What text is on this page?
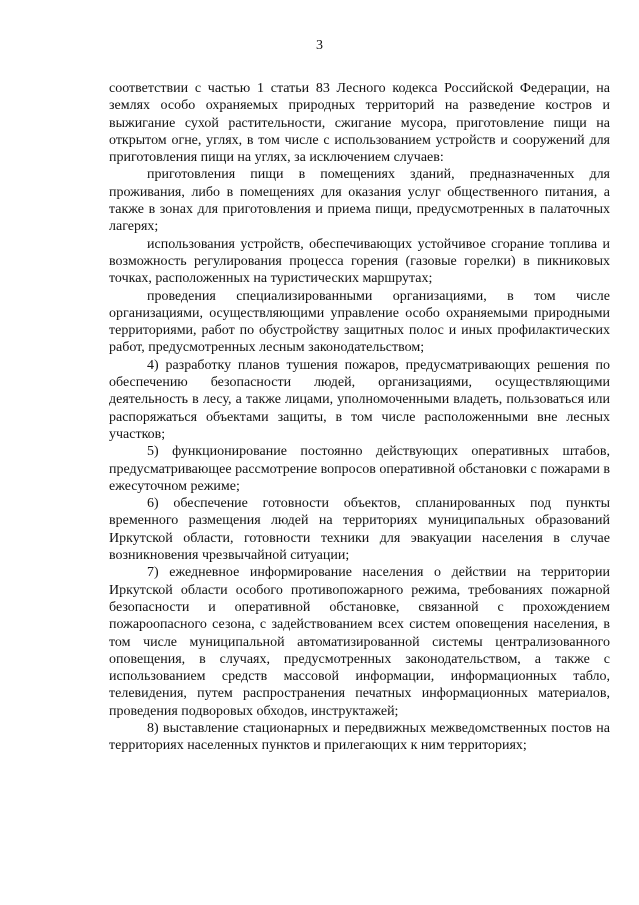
3

соответствии с частью 1 статьи 83 Лесного кодекса Российской Федерации, на землях особо охраняемых природных территорий на разведение костров и выжигание сухой растительности, сжигание мусора, приготовление пищи на открытом огне, углях, в том числе с использованием устройств и сооружений для приготовления пищи на углях, за исключением случаев:

приготовления пищи в помещениях зданий, предназначенных для проживания, либо в помещениях для оказания услуг общественного питания, а также в зонах для приготовления и приема пищи, предусмотренных в палаточных лагерях;

использования устройств, обеспечивающих устойчивое сгорание топлива и возможность регулирования процесса горения (газовые горелки) в пикниковых точках, расположенных на туристических маршрутах;

проведения специализированными организациями, в том числе организациями, осуществляющими управление особо охраняемыми природными территориями, работ по обустройству защитных полос и иных профилактических работ, предусмотренных лесным законодательством;

4) разработку планов тушения пожаров, предусматривающих решения по обеспечению безопасности людей, организациями, осуществляющими деятельность в лесу, а также лицами, уполномоченными владеть, пользоваться или распоряжаться объектами защиты, в том числе расположенными вне лесных участков;

5) функционирование постоянно действующих оперативных штабов, предусматривающее рассмотрение вопросов оперативной обстановки с пожарами в ежесуточном режиме;

6) обеспечение готовности объектов, спланированных под пункты временного размещения людей на территориях муниципальных образований Иркутской области, готовности техники для эвакуации населения в случае возникновения чрезвычайной ситуации;

7) ежедневное информирование населения о действии на территории Иркутской области особого противопожарного режима, требованиях пожарной безопасности и оперативной обстановке, связанной с прохождением пожароопасного сезона, с задействованием всех систем оповещения населения, в том числе муниципальной автоматизированной системы централизованного оповещения, в случаях, предусмотренных законодательством, а также с использованием средств массовой информации, информационных табло, телевидения, путем распространения печатных информационных материалов, проведения подворовых обходов, инструктажей;

8) выставление стационарных и передвижных межведомственных постов на территориях населенных пунктов и прилегающих к ним территориях;
